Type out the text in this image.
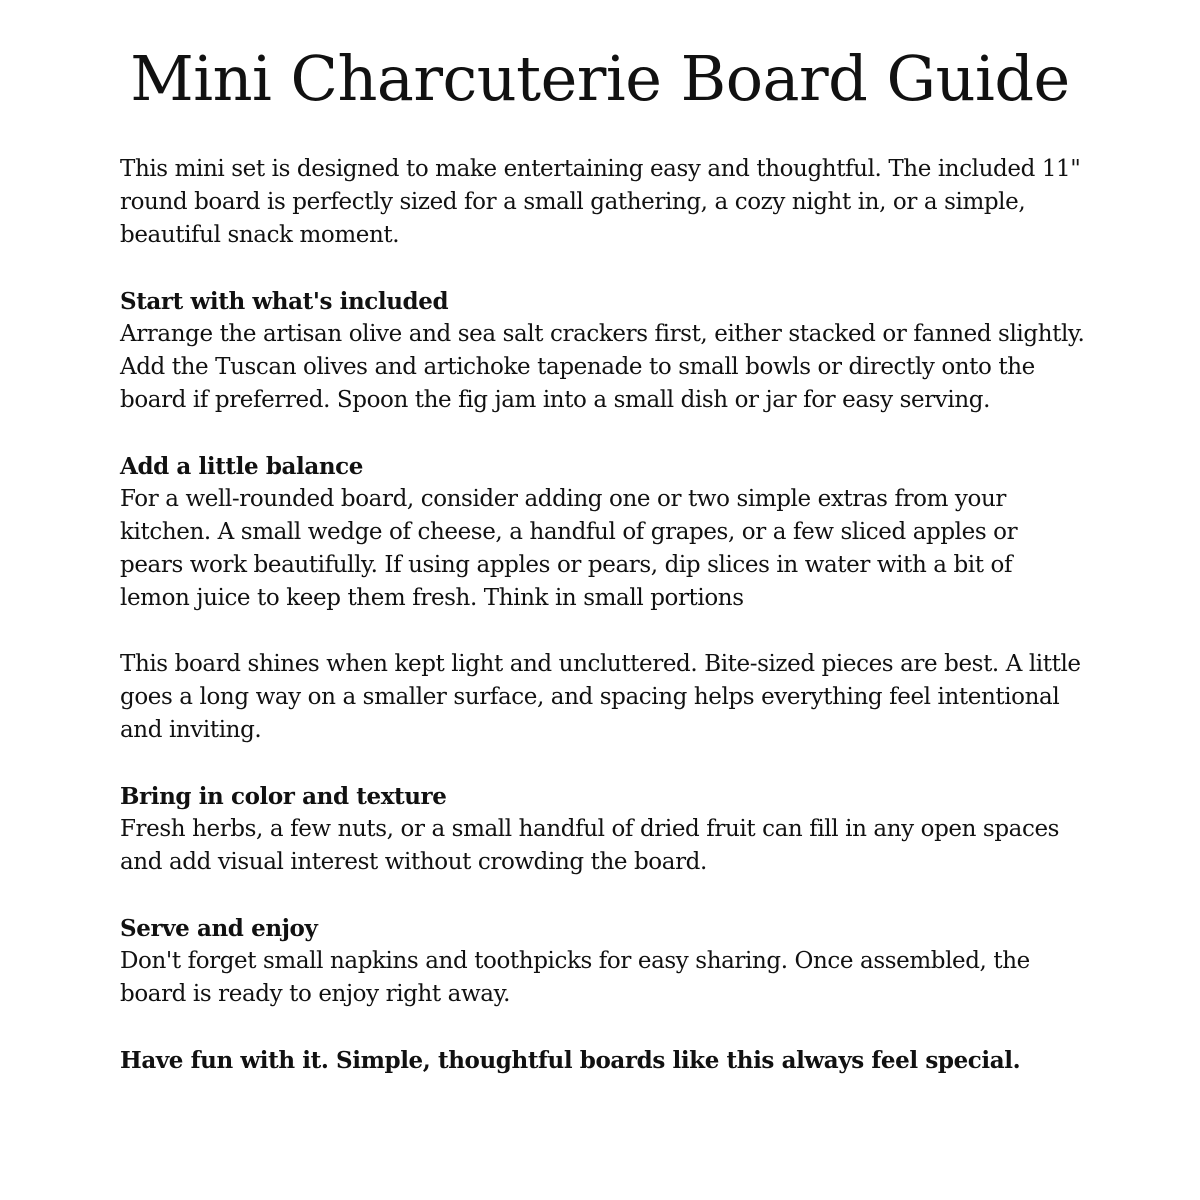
Mini Charcuterie Board Guide

This mini set is designed to make entertaining easy and thoughtful. The included 11" round board is perfectly sized for a small gathering, a cozy night in, or a simple, beautiful snack moment.

Start with what's included
Arrange the artisan olive and sea salt crackers first, either stacked or fanned slightly. Add the Tuscan olives and artichoke tapenade to small bowls or directly onto the board if preferred. Spoon the fig jam into a small dish or jar for easy serving.
Add a little balance
For a well-rounded board, consider adding one or two simple extras from your kitchen. A small wedge of cheese, a handful of grapes, or a few sliced apples or pears work beautifully. If using apples or pears, dip slices in water with a bit of lemon juice to keep them fresh. Think in small portions
This board shines when kept light and uncluttered. Bite-sized pieces are best. A little goes a long way on a smaller surface, and spacing helps everything feel intentional and inviting.
Bring in color and texture
Fresh herbs, a few nuts, or a small handful of dried fruit can fill in any open spaces and add visual interest without crowding the board.
Serve and enjoy
Don't forget small napkins and toothpicks for easy sharing. Once assembled, the board is ready to enjoy right away.

Have fun with it. Simple, thoughtful boards like this always feel special.
